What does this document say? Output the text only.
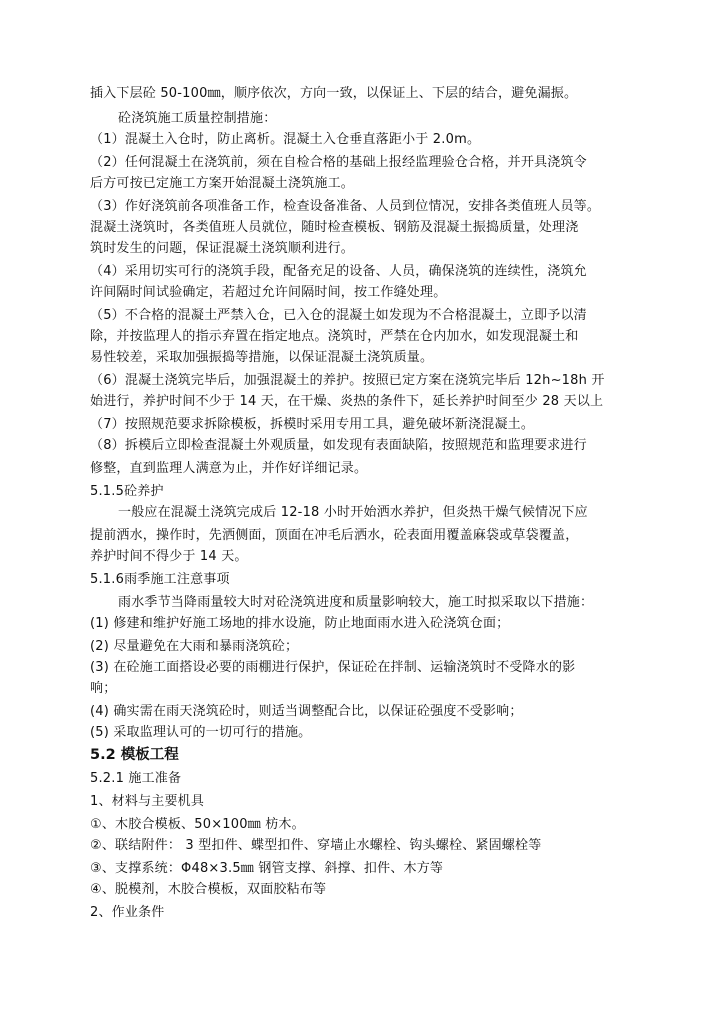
插入下层砼 50-100㎜，顺序依次，方向一致，以保证上、下层的结合，避免漏振。
砼浇筑施工质量控制措施：
（1）混凝土入仓时，防止离析。混凝土入仓垂直落距小于 2.0m。
（2）任何混凝土在浇筑前，须在自检合格的基础上报经监理验仓合格，并开具浇筑令
后方可按已定施工方案开始混凝土浇筑施工。
（3）作好浇筑前各项准备工作，检查设备准备、人员到位情况，安排各类值班人员等。
混凝土浇筑时，各类值班人员就位，随时检查模板、钢筋及混凝土振捣质量，处理浇
筑时发生的问题，保证混凝土浇筑顺利进行。
（4）采用切实可行的浇筑手段，配备充足的设备、人员，确保浇筑的连续性，浇筑允
许间隔时间试验确定，若超过允许间隔时间，按工作缝处理。
（5）不合格的混凝土严禁入仓，已入仓的混凝土如发现为不合格混凝土，立即予以清
除，并按监理人的指示弃置在指定地点。浇筑时，严禁在仓内加水，如发现混凝土和
易性较差，采取加强振捣等措施，以保证混凝土浇筑质量。
（6）混凝土浇筑完毕后，加强混凝土的养护。按照已定方案在浇筑完毕后 12h~18h 开
始进行，养护时间不少于 14 天，在干燥、炎热的条件下，延长养护时间至少 28 天以上
（7）按照规范要求拆除模板，拆模时采用专用工具，避免破坏新浇混凝土。
（8）拆模后立即检查混凝土外观质量，如发现有表面缺陷，按照规范和监理要求进行
修整，直到监理人满意为止，并作好详细记录。
5.1.5砼养护
一般应在混凝土浇筑完成后 12-18 小时开始洒水养护，但炎热干燥气候情况下应
提前洒水，操作时，先洒侧面，顶面在冲毛后洒水，砼表面用覆盖麻袋或草袋覆盖，
养护时间不得少于 14 天。
5.1.6雨季施工注意事项
雨水季节当降雨量较大时对砼浇筑进度和质量影响较大，施工时拟采取以下措施：
(1) 修建和维护好施工场地的排水设施，防止地面雨水进入砼浇筑仓面；
(2) 尽量避免在大雨和暴雨浇筑砼；
(3) 在砼施工面搭设必要的雨棚进行保护，保证砼在拌制、运输浇筑时不受降水的影
响；
(4) 确实需在雨天浇筑砼时，则适当调整配合比，以保证砼强度不受影响；
(5) 采取监理认可的一切可行的措施。
5.2 模板工程
5.2.1 施工准备
1、材料与主要机具
①、木胶合模板、50×100㎜ 枋木。
②、联结附件： 3 型扣件、蝶型扣件、穿墙止水螺栓、钩头螺栓、紧固螺栓等
③、支撑系统：Φ48×3.5㎜ 钢管支撑、斜撑、扣件、木方等
④、脱模剂，木胶合模板，双面胶粘布等
2、作业条件
